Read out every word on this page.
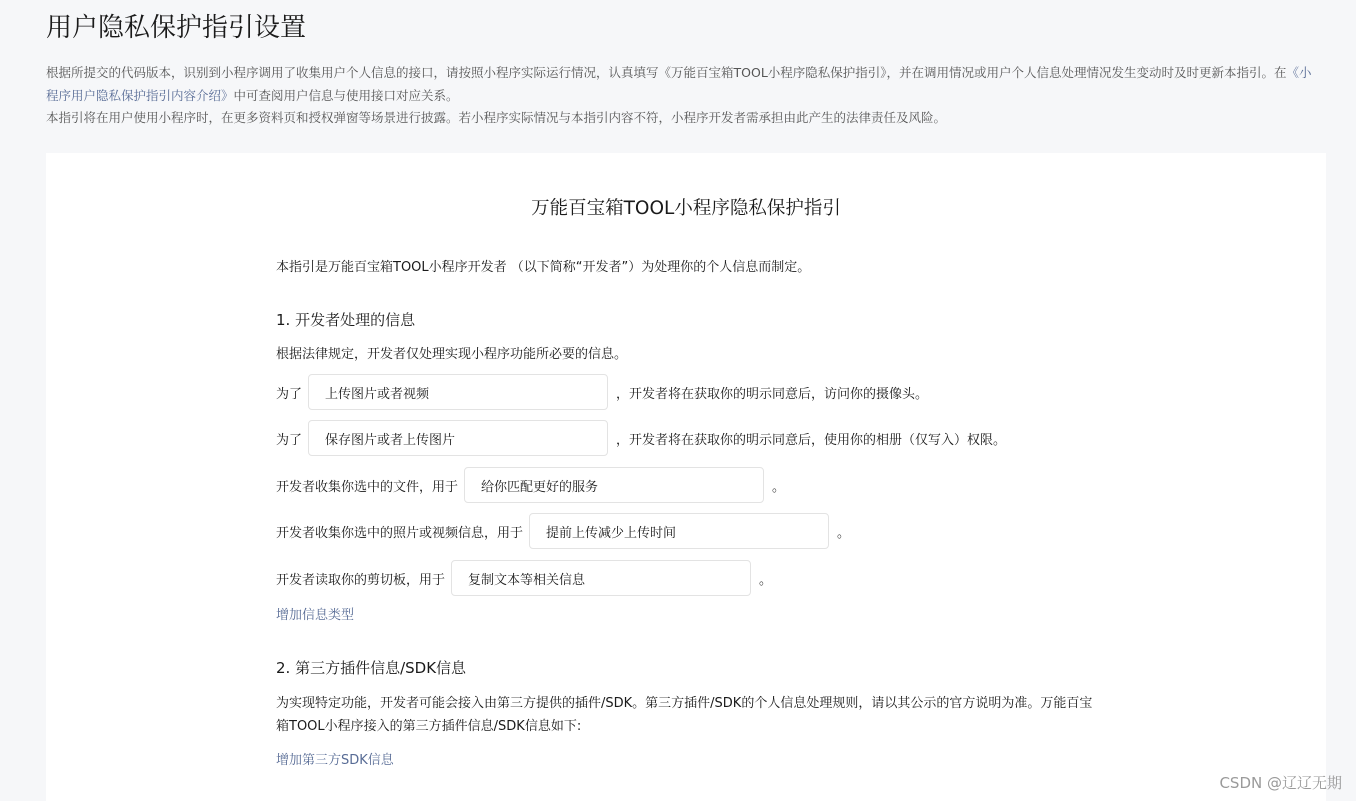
用户隐私保护指引设置

根据所提交的代码版本，识别到小程序调用了收集用户个人信息的接口，请按照小程序实际运行情况，认真填写《万能百宝箱TOOL小程序隐私保护指引》，并在调用情况或用户个人信息处理情况发生变动时及时更新本指引。在《小程序用户隐私保护指引内容介绍》中可查阅用户信息与使用接口对应关系。

本指引将在用户使用小程序时，在更多资料页和授权弹窗等场景进行披露。若小程序实际情况与本指引内容不符，小程序开发者需承担由此产生的法律责任及风险。

万能百宝箱TOOL小程序隐私保护指引
本指引是万能百宝箱TOOL小程序开发者 （以下简称“开发者”）为处理你的个人信息而制定。
1. 开发者处理的信息
根据法律规定，开发者仅处理实现小程序功能所必要的信息。
为了
上传图片或者视频	，开发者将在获取你的明示同意后，访问你的摄像头。
为了
保存图片或者上传图片	，开发者将在获取你的明示同意后，使用你的相册（仅写入）权限。
开发者收集你选中的文件，用于
给你匹配更好的服务	。
开发者收集你选中的照片或视频信息，用于
提前上传减少上传时间	。
开发者读取你的剪切板，用于
复制文本等相关信息	。
增加信息类型
2. 第三方插件信息/SDK信息

为实现特定功能，开发者可能会接入由第三方提供的插件/SDK。第三方插件/SDK的个人信息处理规则，请以其公示的官方说明为准。万能百宝箱TOOL小程序接入的第三方插件信息/SDK信息如下:

增加第三方SDK信息
CSDN @辽辽无期
